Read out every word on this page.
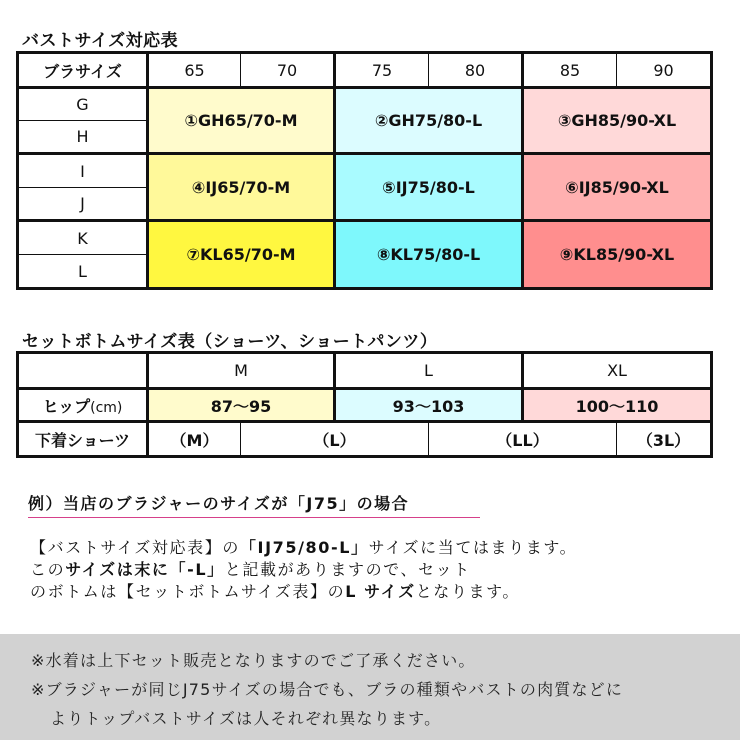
バストサイズ対応表
ブラサイズ	65	70	75	80	85	90
G	①GH65/70-M		②GH75/80-L		③GH85/90-XL	
H						
I	④IJ65/70-M		⑤IJ75/80-L		⑥IJ85/90-XL	
J						
K	⑦KL65/70-M		⑧KL75/80-L		⑨KL85/90-XL	
L						
セットボトムサイズ表（ショーツ、ショートパンツ）
	M		L		XL	
ヒップ(cm)	87〜95		93〜103		100〜110	
下着ショーツ	（M）	（L）		（LL）		（3L）
例）当店のブラジャーのサイズが「J75」の場合
【バストサイズ対応表】の「IJ75/80-L」サイズに当てはまります。
このサイズは末に「-L」と記載がありますので、セット
のボトムは【セットボトムサイズ表】のL サイズとなります。
※水着は上下セット販売となりますのでご了承ください。
※ブラジャーが同じJ75サイズの場合でも、ブラの種類やバストの肉質などに
よりトップバストサイズは人それぞれ異なります。
